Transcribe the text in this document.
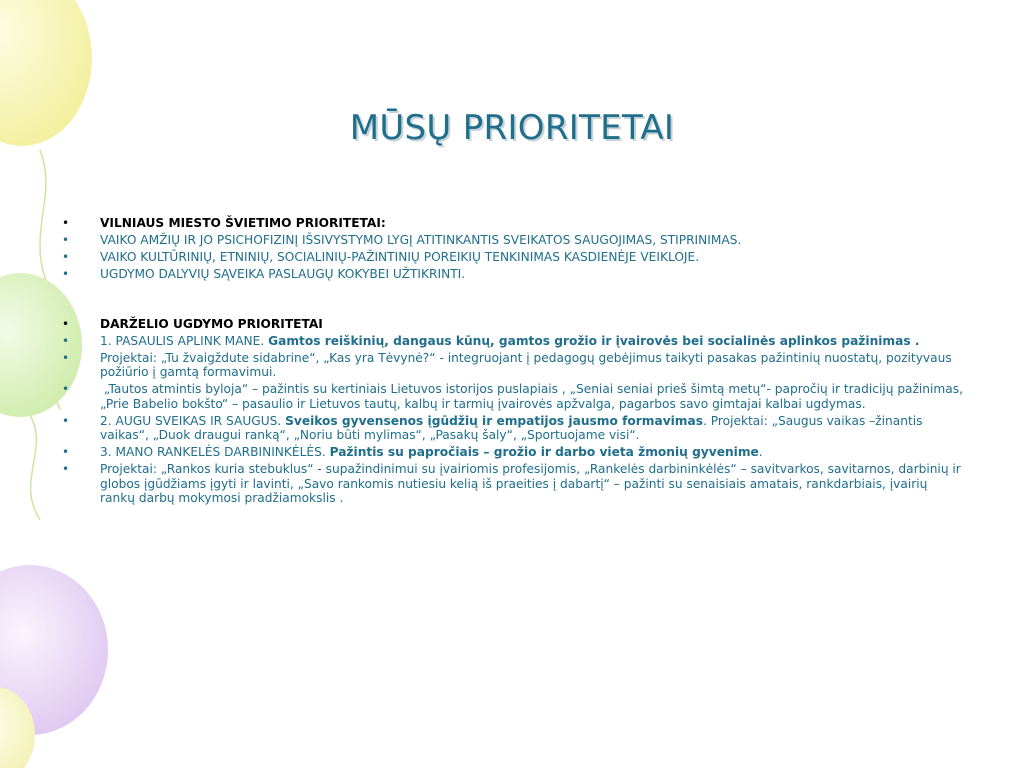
MŪSŲ PRIORITETAI
•	VILNIAUS MIESTO ŠVIETIMO PRIORITETAI:
•	VAIKO AMŽIŲ IR JO PSICHOFIZINĮ IŠSIVYSTYMO LYGĮ ATITINKANTIS SVEIKATOS SAUGOJIMAS, STIPRINIMAS.
•	VAIKO KULTŪRINIŲ, ETNINIŲ, SOCIALINIŲ-PAŽINTINIŲ POREIKIŲ TENKINIMAS KASDIENĖJE VEIKLOJE.
•	UGDYMO DALYVIŲ SĄVEIKA PASLAUGŲ KOKYBEI UŽTIKRINTI.
•	DARŽELIO UGDYMO PRIORITETAI
•	1. PASAULIS APLINK MANE. Gamtos reiškinių, dangaus kūnų, gamtos grožio ir įvairovės bei socialinės aplinkos pažinimas .
•	Projektai: „Tu žvaigždute sidabrine“, „Kas yra Tėvynė?“ - integruojant į pedagogų gebėjimus taikyti pasakas pažintinių nuostatų, pozityvaus požiūrio į gamtą formavimui.
•	„Tautos atmintis byloja“ – pažintis su kertiniais Lietuvos istorijos puslapiais , „Seniai seniai prieš šimtą metų“- papročių ir tradicijų pažinimas, „Prie Babelio bokšto“ – pasaulio ir Lietuvos tautų, kalbų ir tarmių įvairovės apžvalga, pagarbos savo gimtajai kalbai ugdymas.
•	2. AUGU SVEIKAS IR SAUGUS. Sveikos gyvensenos įgūdžių ir empatijos jausmo formavimas. Projektai: „Saugus vaikas –žinantis vaikas“, „Duok draugui ranką“, „Noriu būti mylimas“, „Pasakų šaly“, „Sportuojame visi“.
•	3. MANO RANKELĖS DARBININKĖLĖS. Pažintis su papročiais – grožio ir darbo vieta žmonių gyvenime.
•	Projektai: „Rankos kuria stebuklus“ - supažindinimui su įvairiomis profesijomis, „Rankelės darbininkėlės“ – savitvarkos, savitarnos, darbinių ir globos įgūdžiams įgyti ir lavinti, „Savo rankomis nutiesiu kelią iš praeities į dabartį“ – pažinti su senaisiais amatais, rankdarbiais, įvairių rankų darbų mokymosi pradžiamokslis .
